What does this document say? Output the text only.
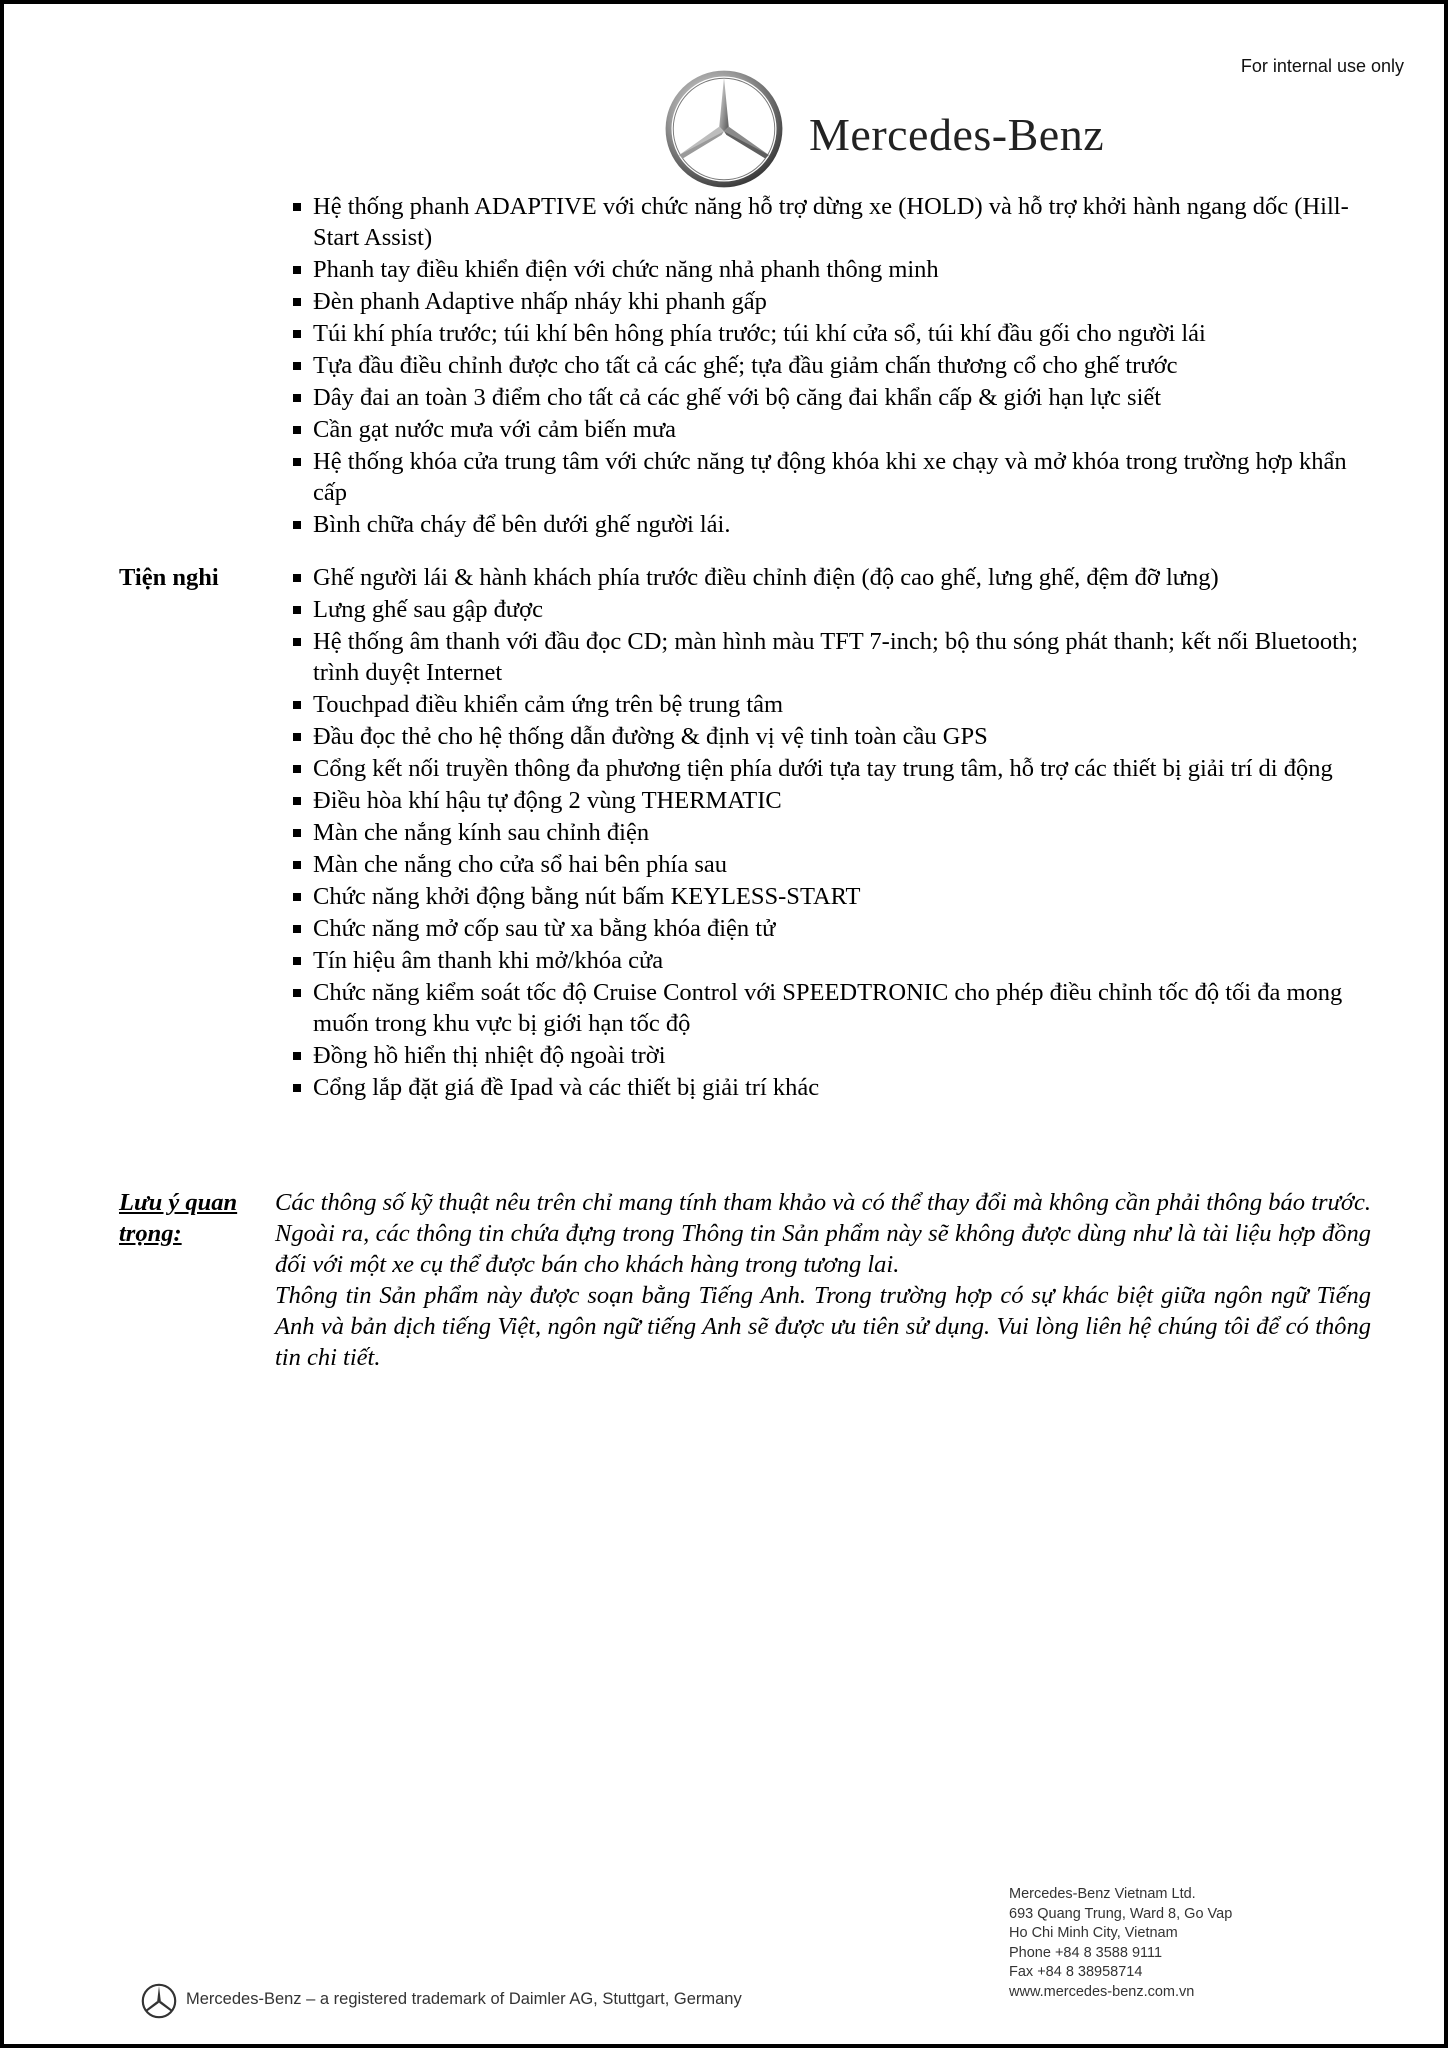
For internal use only
Mercedes-Benz
Hệ thống phanh ADAPTIVE với chức năng hỗ trợ dừng xe (HOLD) và hỗ trợ khởi hành ngang dốc (Hill-Start Assist)
Phanh tay điều khiển điện với chức năng nhả phanh thông minh
Đèn phanh Adaptive nhấp nháy khi phanh gấp
Túi khí phía trước; túi khí bên hông phía trước; túi khí cửa sổ, túi khí đầu gối cho người lái
Tựa đầu điều chỉnh được cho tất cả các ghế; tựa đầu giảm chấn thương cổ cho ghế trước
Dây đai an toàn 3 điểm cho tất cả các ghế với bộ căng đai khẩn cấp & giới hạn lực siết
Cần gạt nước mưa với cảm biến mưa
Hệ thống khóa cửa trung tâm với chức năng tự động khóa khi xe chạy và mở khóa trong trường hợp khẩn cấp
Bình chữa cháy để bên dưới ghế người lái.
Tiện nghi	Ghế người lái & hành khách phía trước điều chỉnh điện (độ cao ghế, lưng ghế, đệm đỡ lưng)
Lưng ghế sau gập được
Hệ thống âm thanh với đầu đọc CD; màn hình màu TFT 7-inch; bộ thu sóng phát thanh; kết nối Bluetooth; trình duyệt Internet
Touchpad điều khiển cảm ứng trên bệ trung tâm
Đầu đọc thẻ cho hệ thống dẫn đường & định vị vệ tinh toàn cầu GPS
Cổng kết nối truyền thông đa phương tiện phía dưới tựa tay trung tâm, hỗ trợ các thiết bị giải trí di động
Điều hòa khí hậu tự động 2 vùng THERMATIC
Màn che nắng kính sau chỉnh điện
Màn che nắng cho cửa sổ hai bên phía sau
Chức năng khởi động bằng nút bấm KEYLESS-START
Chức năng mở cốp sau từ xa bằng khóa điện tử
Tín hiệu âm thanh khi mở/khóa cửa
Chức năng kiểm soát tốc độ Cruise Control với SPEEDTRONIC cho phép điều chỉnh tốc độ tối đa mong muốn trong khu vực bị giới hạn tốc độ
Đồng hồ hiển thị nhiệt độ ngoài trời
Cổng lắp đặt giá đề Ipad và các thiết bị giải trí khác
Lưu ý quan trọng:

Các thông số kỹ thuật nêu trên chỉ mang tính tham khảo và có thể thay đổi mà không cần phải thông báo trước. Ngoài ra, các thông tin chứa đựng trong Thông tin Sản phẩm này sẽ không được dùng như là tài liệu hợp đồng đối với một xe cụ thể được bán cho khách hàng trong tương lai.

Thông tin Sản phẩm này được soạn bằng Tiếng Anh. Trong trường hợp có sự khác biệt giữa ngôn ngữ Tiếng Anh và bản dịch tiếng Việt, ngôn ngữ tiếng Anh sẽ được ưu tiên sử dụng. Vui lòng liên hệ chúng tôi để có thông tin chi tiết.

Mercedes-Benz – a registered trademark of Daimler AG, Stuttgart, Germany
Mercedes-Benz Vietnam Ltd.
693 Quang Trung, Ward 8, Go Vap
Ho Chi Minh City, Vietnam
Phone +84 8 3588 9111
Fax +84 8 38958714
www.mercedes-benz.com.vn
